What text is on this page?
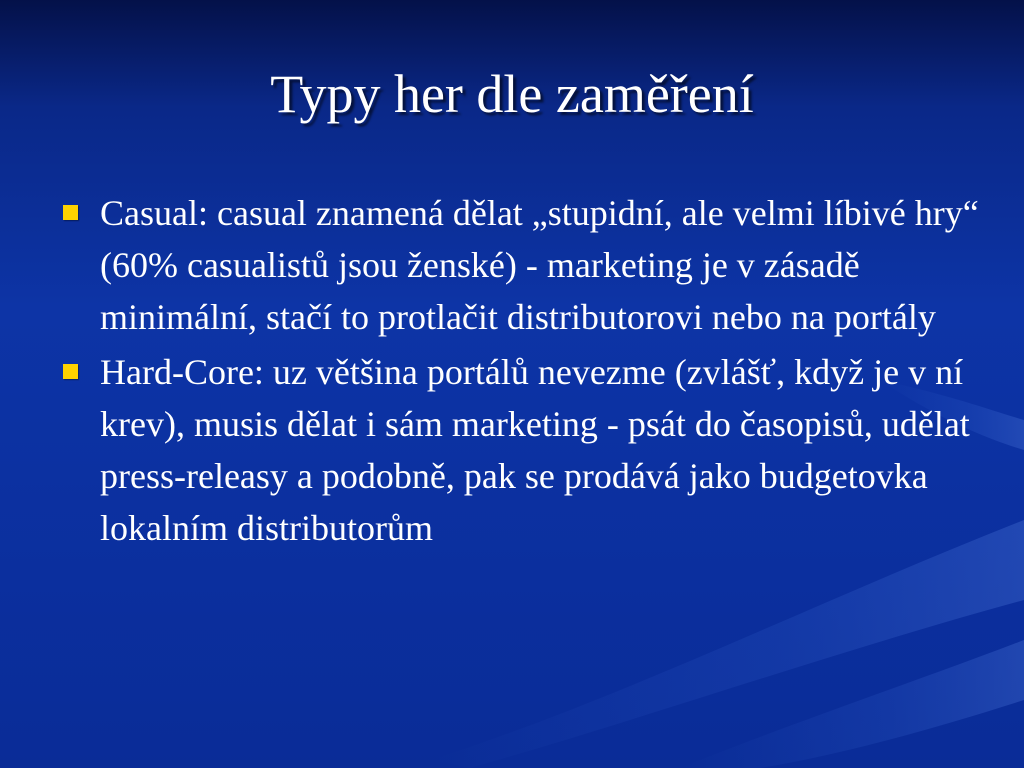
Typy her dle zaměření
Casual: casual znamená dělat „stupidní, ale velmi líbivé hry“ (60% casualistů jsou ženské) - marketing je v zásadě minimální, stačí to protlačit distributorovi nebo na portály
Hard-Core: uz většina portálů nevezme (zvlášť, když je v ní krev), musis dělat i sám marketing - psát do časopisů, udělat press-releasy a podobně, pak se prodává jako budgetovka lokalním distributorům
